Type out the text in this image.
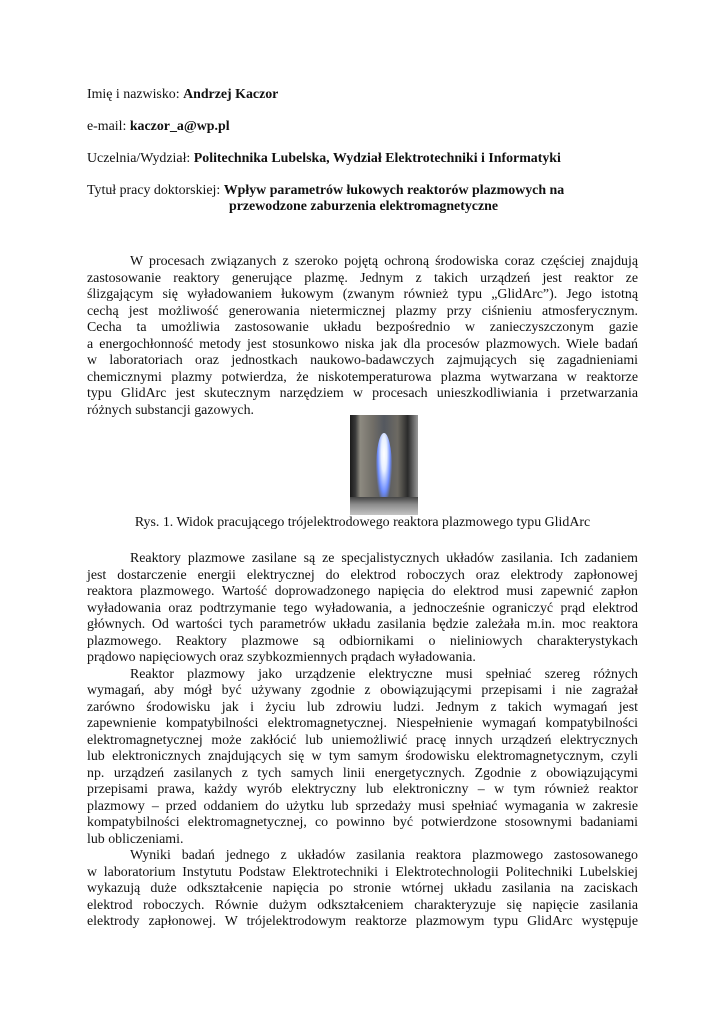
Imię i nazwisko: Andrzej Kaczor
e-mail: kaczor_a@wp.pl
Uczelnia/Wydział: Politechnika Lubelska, Wydział Elektrotechniki i Informatyki
Tytuł pracy doktorskiej: Wpływ parametrów łukowych reaktorów plazmowych na
przewodzone zaburzenia elektromagnetyczne
W procesach związanych z szeroko pojętą ochroną środowiska coraz częściej znajdują
zastosowanie reaktory generujące plazmę. Jednym z takich urządzeń jest reaktor ze
ślizgającym się wyładowaniem łukowym (zwanym również typu „GlidArc”). Jego istotną
cechą jest możliwość generowania nietermicznej plazmy przy ciśnieniu atmosferycznym.
Cecha ta umożliwia zastosowanie układu bezpośrednio w zanieczyszczonym gazie
a energochłonność metody jest stosunkowo niska jak dla procesów plazmowych. Wiele badań
w laboratoriach oraz jednostkach naukowo-badawczych zajmujących się zagadnieniami
chemicznymi plazmy potwierdza, że niskotemperaturowa plazma wytwarzana w reaktorze
typu GlidArc jest skutecznym narzędziem w procesach unieszkodliwiania i przetwarzania
różnych substancji gazowych.
Rys. 1. Widok pracującego trójelektrodowego reaktora plazmowego typu GlidArc
Reaktory plazmowe zasilane są ze specjalistycznych układów zasilania. Ich zadaniem
jest dostarczenie energii elektrycznej do elektrod roboczych oraz elektrody zapłonowej
reaktora plazmowego. Wartość doprowadzonego napięcia do elektrod musi zapewnić zapłon
wyładowania oraz podtrzymanie tego wyładowania, a jednocześnie ograniczyć prąd elektrod
głównych. Od wartości tych parametrów układu zasilania będzie zależała m.in. moc reaktora
plazmowego. Reaktory plazmowe są odbiornikami o nieliniowych charakterystykach
prądowo napięciowych oraz szybkozmiennych prądach wyładowania.
Reaktor plazmowy jako urządzenie elektryczne musi spełniać szereg różnych
wymagań, aby mógł być używany zgodnie z obowiązującymi przepisami i nie zagrażał
zarówno środowisku jak i życiu lub zdrowiu ludzi. Jednym z takich wymagań jest
zapewnienie kompatybilności elektromagnetycznej. Niespełnienie wymagań kompatybilności
elektromagnetycznej może zakłócić lub uniemożliwić pracę innych urządzeń elektrycznych
lub elektronicznych znajdujących się w tym samym środowisku elektromagnetycznym, czyli
np. urządzeń zasilanych z tych samych linii energetycznych. Zgodnie z obowiązującymi
przepisami prawa, każdy wyrób elektryczny lub elektroniczny – w tym również reaktor
plazmowy – przed oddaniem do użytku lub sprzedaży musi spełniać wymagania w zakresie
kompatybilności elektromagnetycznej, co powinno być potwierdzone stosownymi badaniami
lub obliczeniami.
Wyniki badań jednego z układów zasilania reaktora plazmowego zastosowanego
w laboratorium Instytutu Podstaw Elektrotechniki i Elektrotechnologii Politechniki Lubelskiej
wykazują duże odkształcenie napięcia po stronie wtórnej układu zasilania na zaciskach
elektrod roboczych. Równie dużym odkształceniem charakteryzuje się napięcie zasilania
elektrody zapłonowej. W trójelektrodowym reaktorze plazmowym typu GlidArc występuje
